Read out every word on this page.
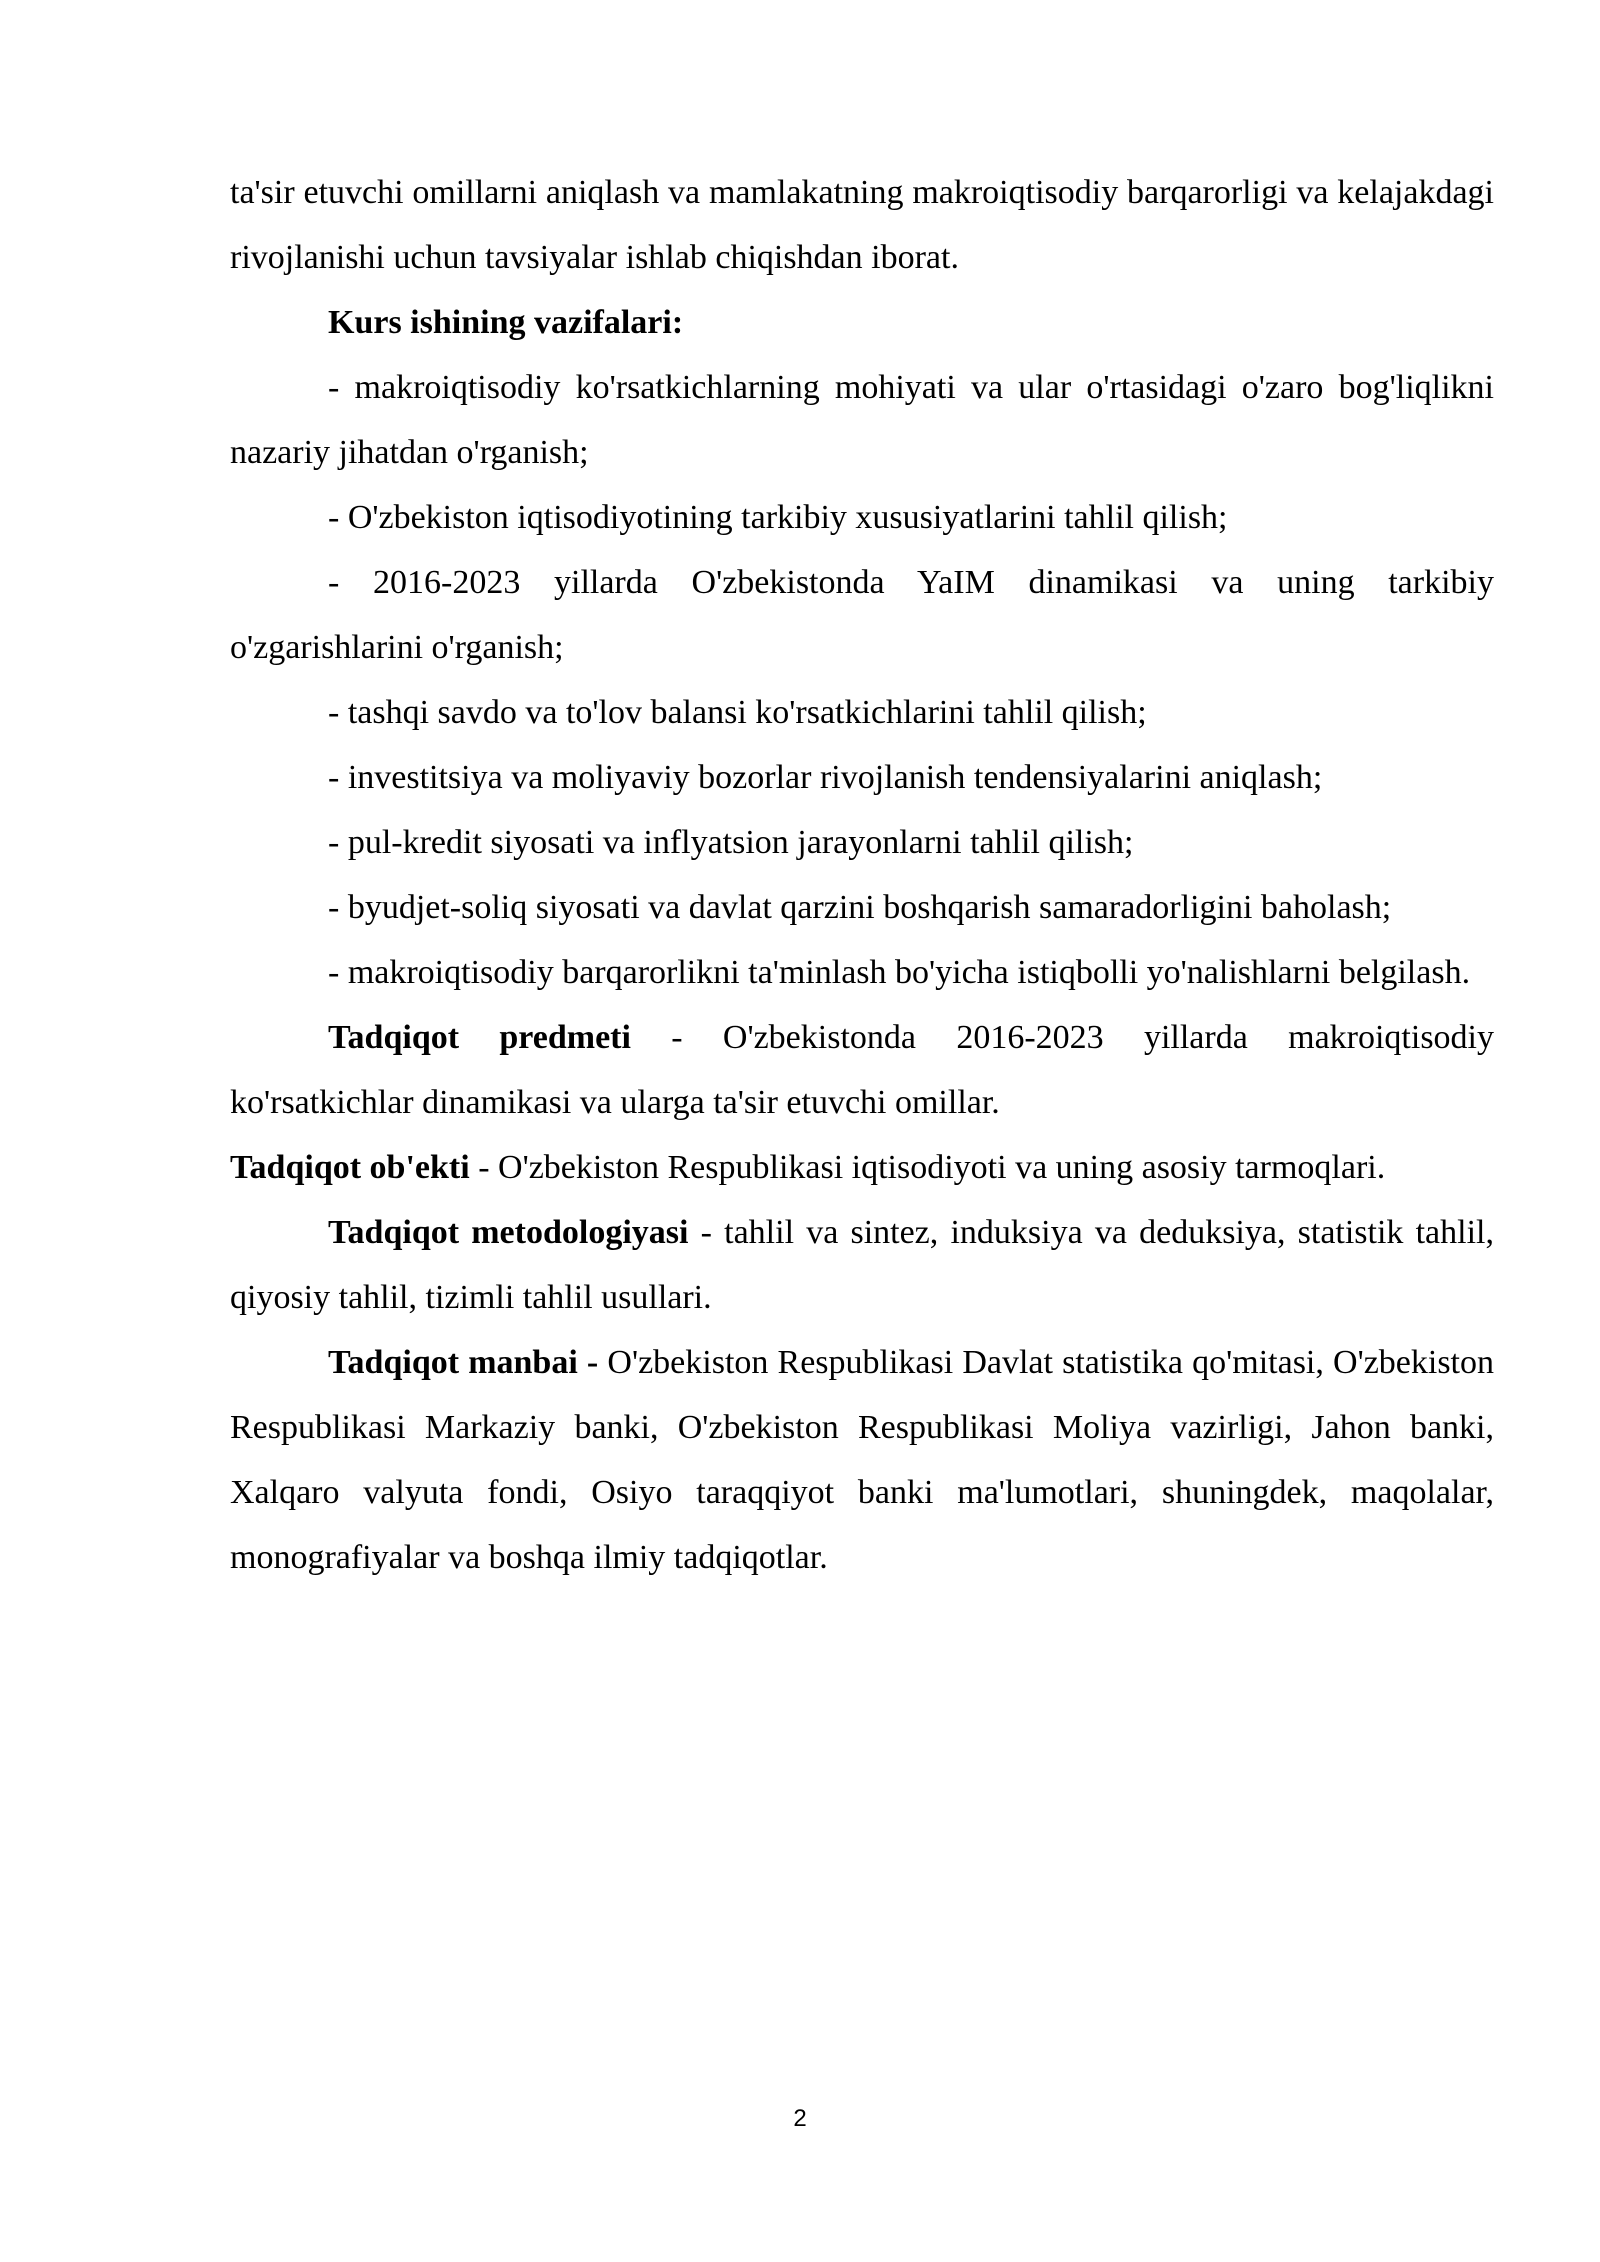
ta'sir etuvchi omillarni aniqlash va mamlakatning makroiqtisodiy barqarorligi va kelajakdagi rivojlanishi uchun tavsiyalar ishlab chiqishdan iborat.

Kurs ishining vazifalari:

- makroiqtisodiy ko'rsatkichlarning mohiyati va ular o'rtasidagi o'zaro bog'liqlikni nazariy jihatdan o'rganish;

- O'zbekiston iqtisodiyotining tarkibiy xususiyatlarini tahlil qilish;

- 2016-2023 yillarda O'zbekistonda YaIM dinamikasi va uning tarkibiy o'zgarishlarini o'rganish;

- tashqi savdo va to'lov balansi ko'rsatkichlarini tahlil qilish;

- investitsiya va moliyaviy bozorlar rivojlanish tendensiyalarini aniqlash;

- pul-kredit siyosati va inflyatsion jarayonlarni tahlil qilish;

- byudjet-soliq siyosati va davlat qarzini boshqarish samaradorligini baholash;

- makroiqtisodiy barqarorlikni ta'minlash bo'yicha istiqbolli yo'nalishlarni belgilash.

Tadqiqot predmeti - O'zbekistonda 2016-2023 yillarda makroiqtisodiy ko'rsatkichlar dinamikasi va ularga ta'sir etuvchi omillar.

Tadqiqot ob'ekti - O'zbekiston Respublikasi iqtisodiyoti va uning asosiy tarmoqlari.

Tadqiqot metodologiyasi - tahlil va sintez, induksiya va deduksiya, statistik tahlil, qiyosiy tahlil, tizimli tahlil usullari.

Tadqiqot manbai - O'zbekiston Respublikasi Davlat statistika qo'mitasi, O'zbekiston Respublikasi Markaziy banki, O'zbekiston Respublikasi Moliya vazirligi, Jahon banki, Xalqaro valyuta fondi, Osiyo taraqqiyot banki ma'lumotlari, shuningdek, maqolalar, monografiyalar va boshqa ilmiy tadqiqotlar.

2
